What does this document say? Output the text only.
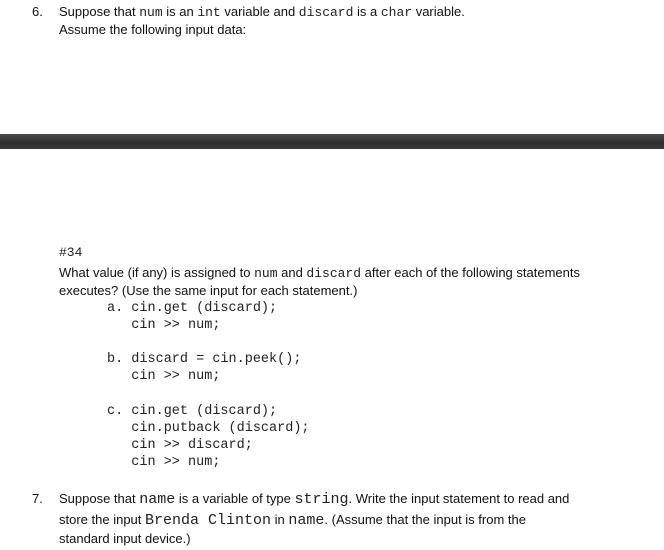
6. Suppose that num is an int variable and discard is a char variable.
Assume the following input data:
#34
What value (if any) is assigned to num and discard after each of the following statements
executes? (Use the same input for each statement.)
a. cin.get (discard);
cin >> num;
b. discard = cin.peek();
cin >> num;
c. cin.get (discard);
cin.putback (discard);
cin >> discard;
cin >> num;
7. Suppose that name is a variable of type string. Write the input statement to read and
store the input Brenda Clinton in name. (Assume that the input is from the
standard input device.)
